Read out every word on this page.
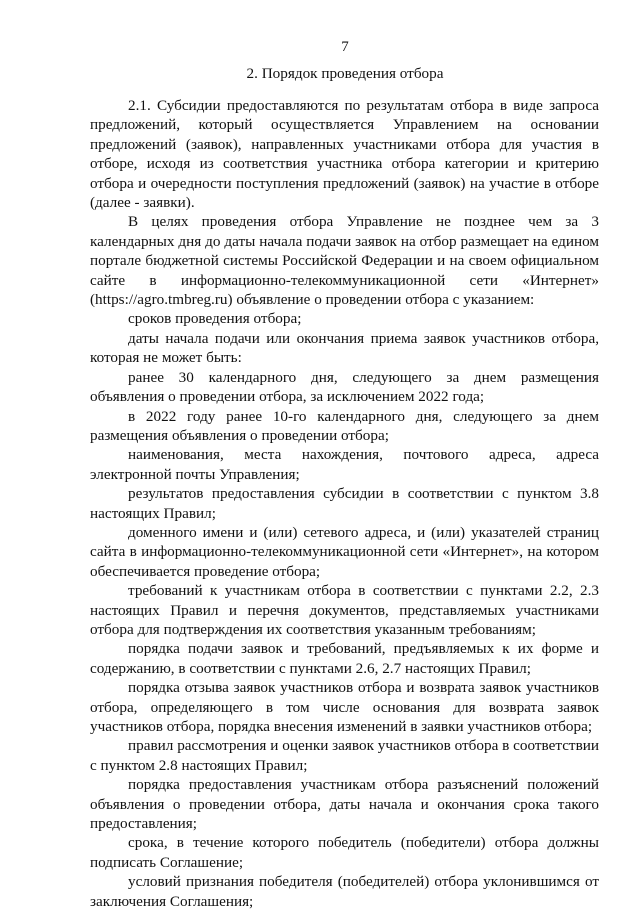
7
2. Порядок проведения отбора

2.1. Субсидии предоставляются по результатам отбора в виде запроса предложений, который осуществляется Управлением на основании предложений (заявок), направленных участниками отбора для участия в отборе, исходя из соответствия участника отбора категории и критерию отбора и очередности поступления предложений (заявок) на участие в отборе (далее - заявки).

В целях проведения отбора Управление не позднее чем за 3 календарных дня до даты начала подачи заявок на отбор размещает на едином портале бюджетной системы Российской Федерации и на своем официальном сайте в информационно-телекоммуникационной сети «Интернет» (https://agro.tmbreg.ru) объявление о проведении отбора с указанием:

сроков проведения отбора;

даты начала подачи или окончания приема заявок участников отбора, которая не может быть:

ранее 30 календарного дня, следующего за днем размещения объявления о проведении отбора, за исключением 2022 года;

в 2022 году ранее 10-го календарного дня, следующего за днем размещения объявления о проведении отбора;

наименования, места нахождения, почтового адреса, адреса электронной почты Управления;

результатов предоставления субсидии в соответствии с пунктом 3.8 настоящих Правил;

доменного имени и (или) сетевого адреса, и (или) указателей страниц сайта в информационно-телекоммуникационной сети «Интернет», на котором обеспечивается проведение отбора;

требований к участникам отбора в соответствии с пунктами 2.2, 2.3 настоящих Правил и перечня документов, представляемых участниками отбора для подтверждения их соответствия указанным требованиям;

порядка подачи заявок и требований, предъявляемых к их форме и содержанию, в соответствии с пунктами 2.6, 2.7 настоящих Правил;

порядка отзыва заявок участников отбора и возврата заявок участников отбора, определяющего в том числе основания для возврата заявок участников отбора, порядка внесения изменений в заявки участников отбора;

правил рассмотрения и оценки заявок участников отбора в соответствии с пунктом 2.8 настоящих Правил;

порядка предоставления участникам отбора разъяснений положений объявления о проведении отбора, даты начала и окончания срока такого предоставления;

срока, в течение которого победитель (победители) отбора должны подписать Соглашение;

условий признания победителя (победителей) отбора уклонившимся от заключения Соглашения;
